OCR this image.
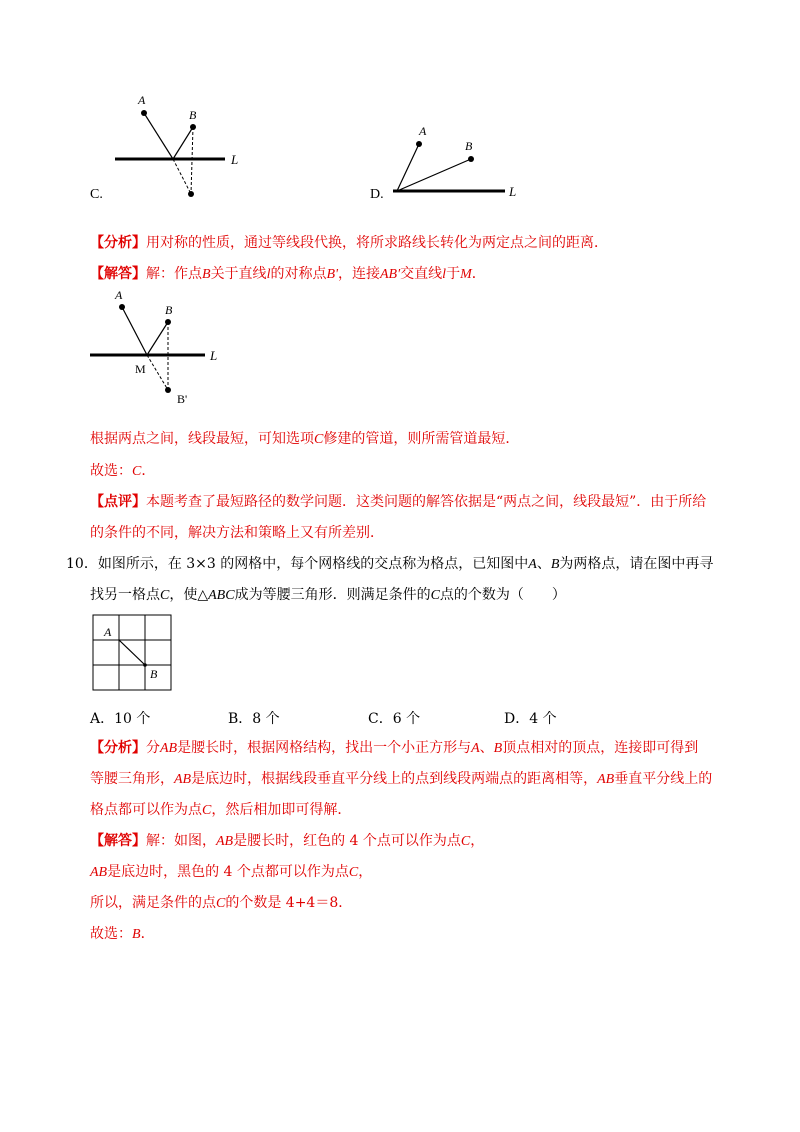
C.
A
B
L
D.
A
B
L
【分析】用对称的性质，通过等线段代换，将所求路线长转化为两定点之间的距离．
【解答】解：作点B关于直线l的对称点B'，连接AB′交直线l于M．
A
B
L
M
B'
根据两点之间，线段最短，可知选项C修建的管道，则所需管道最短．
故选：C．
【点评】本题考查了最短路径的数学问题．这类问题的解答依据是“两点之间，线段最短”．由于所给
的条件的不同，解决方法和策略上又有所差别．
10．如图所示，在 3×3 的网格中，每个网格线的交点称为格点，已知图中A、B为两格点，请在图中再寻
找另一格点C，使△ABC成为等腰三角形．则满足条件的C点的个数为（　　）
A
B
A．10 个	B．8 个	C．6 个	D．4 个
【分析】分AB是腰长时，根据网格结构，找出一个小正方形与A、B顶点相对的顶点，连接即可得到
等腰三角形，AB是底边时，根据线段垂直平分线上的点到线段两端点的距离相等，AB垂直平分线上的
格点都可以作为点C，然后相加即可得解．
【解答】解：如图，AB是腰长时，红色的 4 个点可以作为点C，
AB是底边时，黑色的 4 个点都可以作为点C，
所以，满足条件的点C的个数是 4+4＝8．
故选：B．
